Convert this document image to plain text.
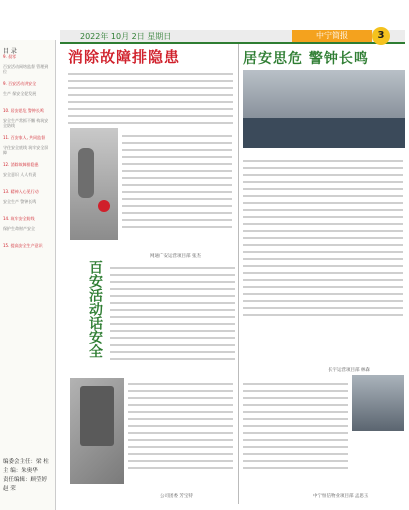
目 录
9. 叔零
百安活动网络监督 管理到位
9. 百安活动讲安全
生产 保安全促发展
10. 居安思危 警钟长鸣
安全生产常抓不懈 构筑安全防线
11. 百安家人, 共同监督
守住安全底线 筑牢安全屏障
12. 消除故障排隐患
安全意识 人人有责
13. 精神入心见行动
安全生产 警钟长鸣
14. 筑牢安全防线
保护生命财产安全
15. 提高安全生产意识
编委会主任：梁 柱
主 编：朱奥华
责任编辑：顾莹婷
赵 荣
2022年 10月 2日 星期日	中宁简报	3
消除故障排隐患
网通广安运营项目部 张杰
百安活动话安全
公司团委 芳宝特
居安思危 警钟长鸣
长宇运营项目部 林森
中宁恒信物业项目部 孟思玉
